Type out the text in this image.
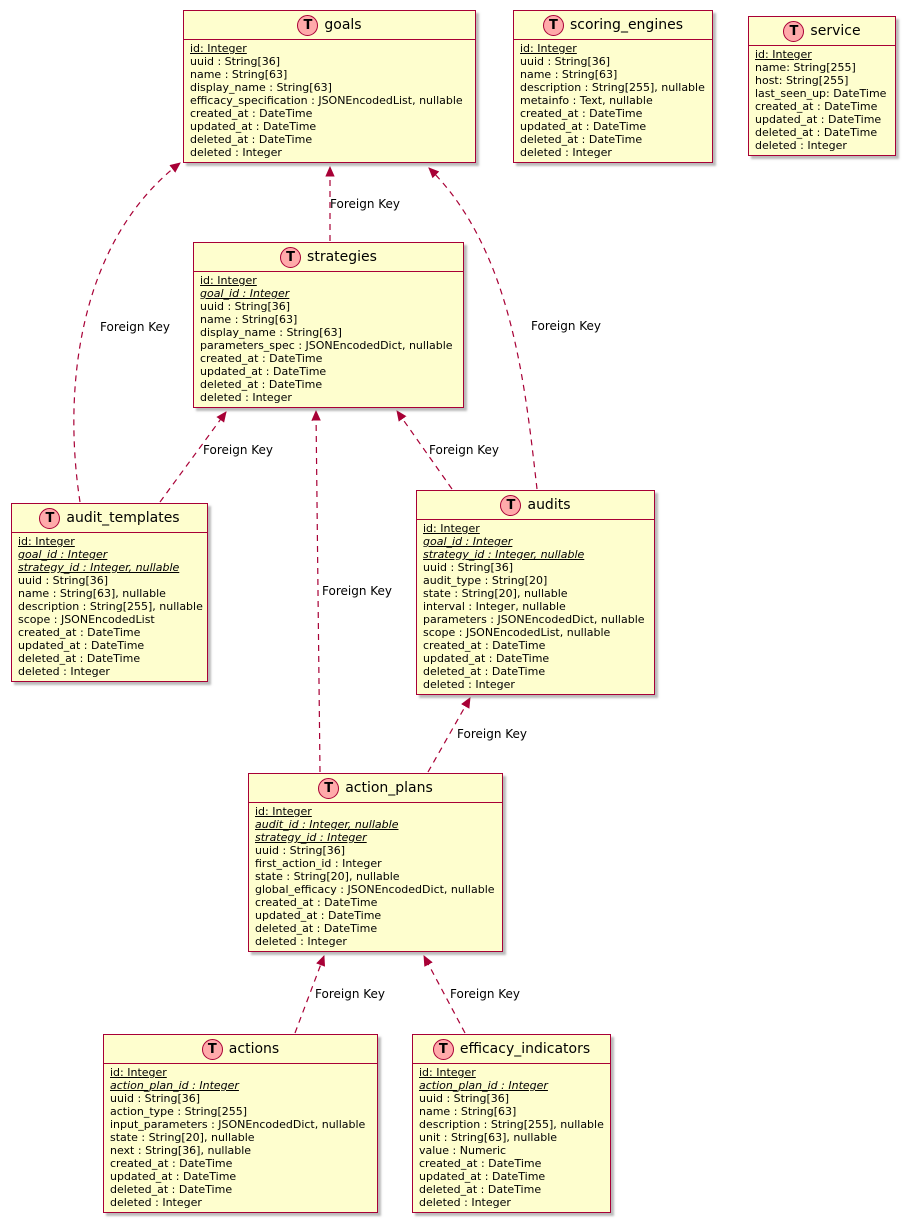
T goals
id: Integer
uuid : String[36]
name : String[63]
display_name : String[63]
efficacy_specification : JSONEncodedList, nullable
created_at : DateTime
updated_at : DateTime
deleted_at : DateTime
deleted : Integer
T scoring_engines
id: Integer
uuid : String[36]
name : String[63]
description : String[255], nullable
metainfo : Text, nullable
created_at : DateTime
updated_at : DateTime
deleted_at : DateTime
deleted : Integer
T service
id: Integer
name: String[255]
host: String[255]
last_seen_up: DateTime
created_at : DateTime
updated_at : DateTime
deleted_at : DateTime
deleted : Integer
T strategies
id: Integer
goal_id : Integer
uuid : String[36]
name : String[63]
display_name : String[63]
parameters_spec : JSONEncodedDict, nullable
created_at : DateTime
updated_at : DateTime
deleted_at : DateTime
deleted : Integer
T audit_templates
id: Integer
goal_id : Integer
strategy_id : Integer, nullable
uuid : String[36]
name : String[63], nullable
description : String[255], nullable
scope : JSONEncodedList
created_at : DateTime
updated_at : DateTime
deleted_at : DateTime
deleted : Integer
T audits
id: Integer
goal_id : Integer
strategy_id : Integer, nullable
uuid : String[36]
audit_type : String[20]
state : String[20], nullable
interval : Integer, nullable
parameters : JSONEncodedDict, nullable
scope : JSONEncodedList, nullable
created_at : DateTime
updated_at : DateTime
deleted_at : DateTime
deleted : Integer
T action_plans
id: Integer
audit_id : Integer, nullable
strategy_id : Integer
uuid : String[36]
first_action_id : Integer
state : String[20], nullable
global_efficacy : JSONEncodedDict, nullable
created_at : DateTime
updated_at : DateTime
deleted_at : DateTime
deleted : Integer
T actions
id: Integer
action_plan_id : Integer
uuid : String[36]
action_type : String[255]
input_parameters : JSONEncodedDict, nullable
state : String[20], nullable
next : String[36], nullable
created_at : DateTime
updated_at : DateTime
deleted_at : DateTime
deleted : Integer
T efficacy_indicators
id: Integer
action_plan_id : Integer
uuid : String[36]
name : String[63]
description : String[255], nullable
unit : String[63], nullable
value : Numeric
created_at : DateTime
updated_at : DateTime
deleted_at : DateTime
deleted : Integer
Foreign Key
Foreign Key
Foreign Key
Foreign Key	Foreign Key
Foreign Key
Foreign Key
Foreign Key	Foreign Key
